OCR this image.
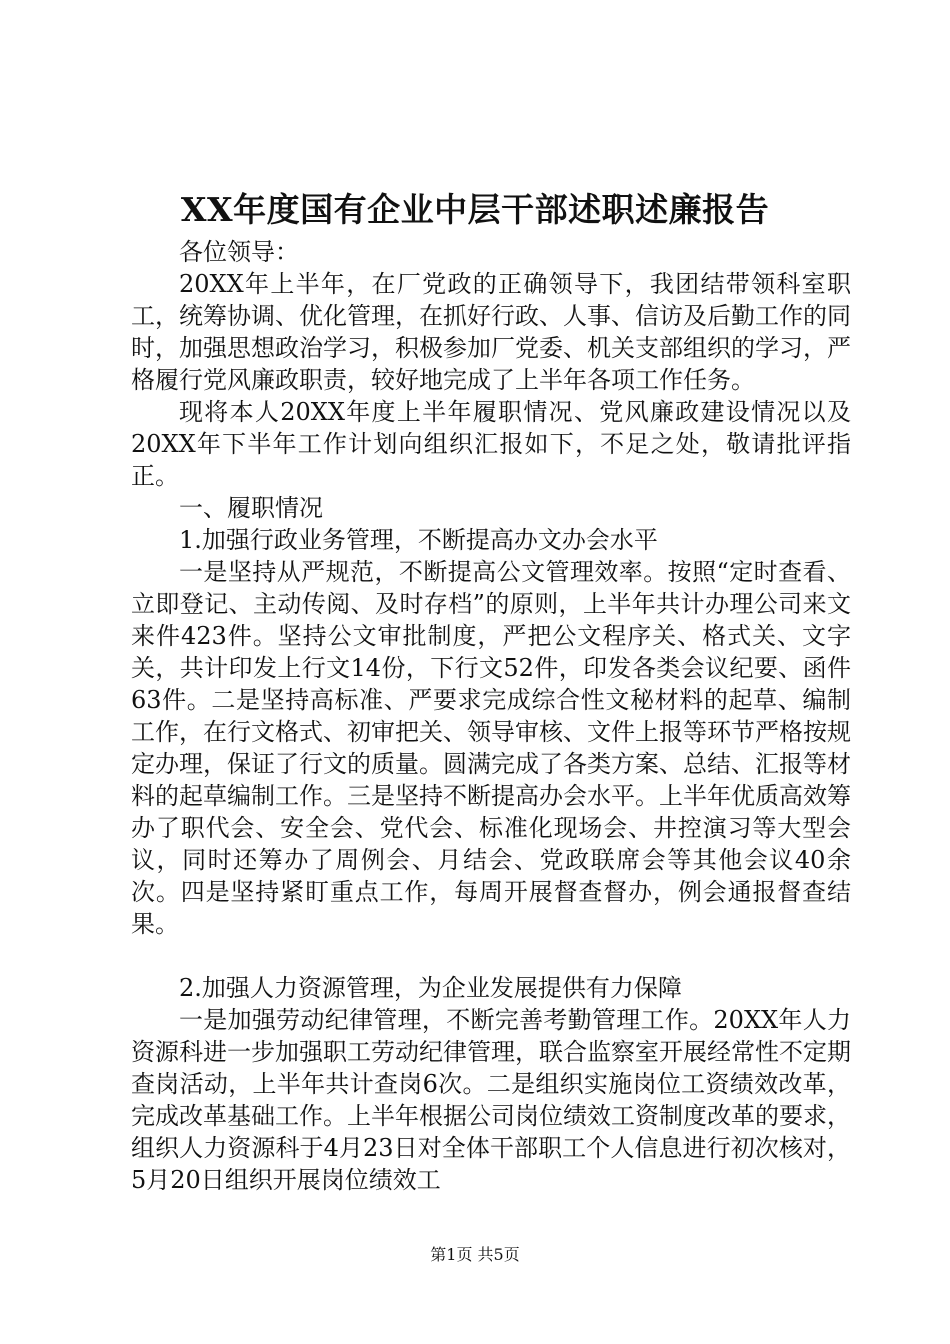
XX年度国有企业中层干部述职述廉报告

各位领导：

20XX年上半年，在厂党政的正确领导下，我团结带领科室职工，统筹协调、优化管理，在抓好行政、人事、信访及后勤工作的同时，加强思想政治学习，积极参加厂党委、机关支部组织的学习，严格履行党风廉政职责，较好地完成了上半年各项工作任务。

现将本人20XX年度上半年履职情况、党风廉政建设情况以及20XX年下半年工作计划向组织汇报如下，不足之处，敬请批评指正。

一、履职情况

1.加强行政业务管理，不断提高办文办会水平

一是坚持从严规范，不断提高公文管理效率。按照“定时查看、立即登记、主动传阅、及时存档”的原则，上半年共计办理公司来文来件423件。坚持公文审批制度，严把公文程序关、格式关、文字关，共计印发上行文14份，下行文52件，印发各类会议纪要、函件63件。二是坚持高标准、严要求完成综合性文秘材料的起草、编制工作，在行文格式、初审把关、领导审核、文件上报等环节严格按规定办理，保证了行文的质量。圆满完成了各类方案、总结、汇报等材料的起草编制工作。三是坚持不断提高办会水平。上半年优质高效筹办了职代会、安全会、党代会、标准化现场会、井控演习等大型会议，同时还筹办了周例会、月结会、党政联席会等其他会议40余次。四是坚持紧盯重点工作，每周开展督查督办，例会通报督查结果。

2.加强人力资源管理，为企业发展提供有力保障

一是加强劳动纪律管理，不断完善考勤管理工作。20XX年人力资源科进一步加强职工劳动纪律管理，联合监察室开展经常性不定期查岗活动，上半年共计查岗6次。二是组织实施岗位工资绩效改革，完成改革基础工作。上半年根据公司岗位绩效工资制度改革的要求，组织人力资源科于4月23日对全体干部职工个人信息进行初次核对，5月20日组织开展岗位绩效工

第1页 共5页
